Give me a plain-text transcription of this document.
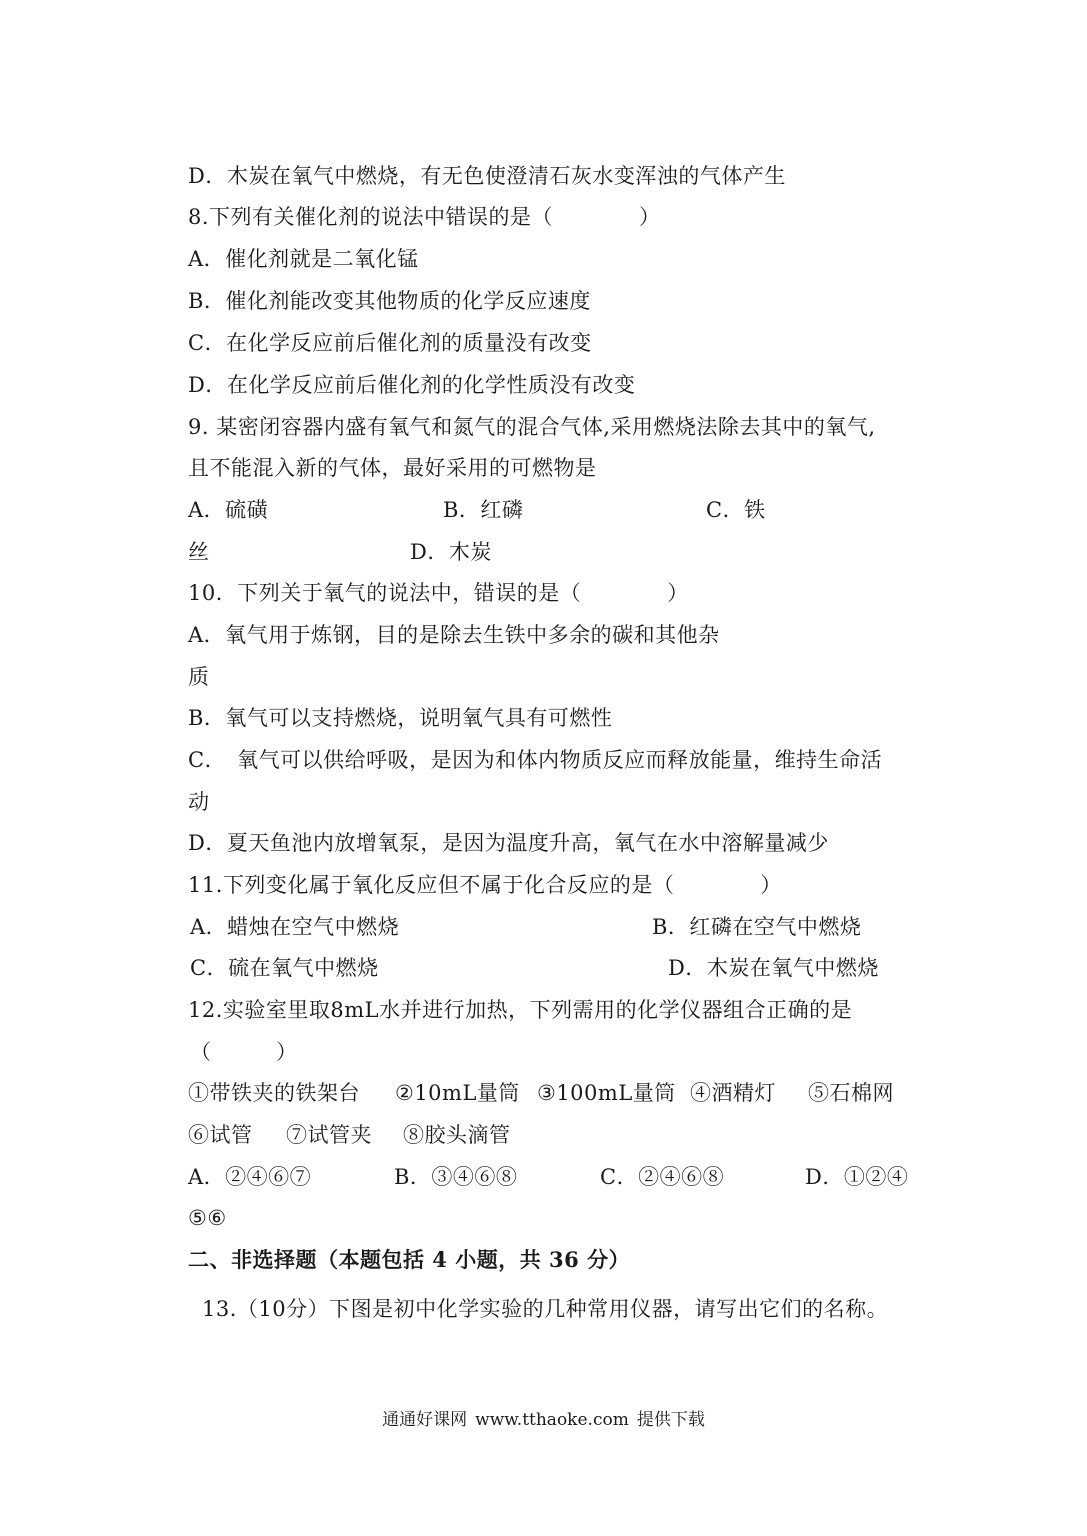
D．木炭在氧气中燃烧，有无色使澄清石灰水变浑浊的气体产生
8.下列有关催化剂的说法中错误的是（　　　　）
A．催化剂就是二氧化锰
B．催化剂能改变其他物质的化学反应速度
C．在化学反应前后催化剂的质量没有改变
D．在化学反应前后催化剂的化学性质没有改变
9. 某密闭容器内盛有氧气和氮气的混合气体,采用燃烧法除去其中的氧气,
且不能混入新的气体，最好采用的可燃物是
A．硫磺	B．红磷	C．铁
丝	D．木炭
10．下列关于氧气的说法中，错误的是（　　　　）
A．氧气用于炼钢，目的是除去生铁中多余的碳和其他杂
质
B．氧气可以支持燃烧，说明氧气具有可燃性
C．　氧气可以供给呼吸，是因为和体内物质反应而释放能量，维持生命活
动
D．夏天鱼池内放增氧泵，是因为温度升高，氧气在水中溶解量减少
11.下列变化属于氧化反应但不属于化合反应的是（　　　　）
A．蜡烛在空气中燃烧	B．红磷在空气中燃烧
C．硫在氧气中燃烧	D．木炭在氧气中燃烧
12.实验室里取8mL水并进行加热，下列需用的化学仪器组合正确的是
（　　　）
①带铁夹的铁架台 ②10mL量筒 ③100mL量筒 ④酒精灯 ⑤石棉网
⑥试管 ⑦试管夹 ⑧胶头滴管
A．②④⑥⑦	B．③④⑥⑧	C．②④⑥⑧	D．①②④
⑤⑥
二、非选择题（本题包括 4 小题，共 36 分）
13.（10分）下图是初中化学实验的几种常用仪器，请写出它们的名称。
通通好课网 www.tthaoke.com 提供下载
